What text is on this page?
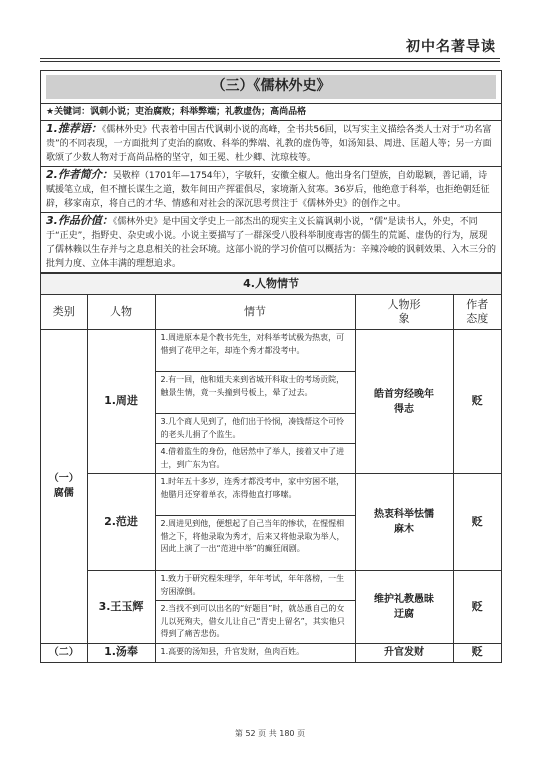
初中名著导读
（三）《儒林外史》
★关键词：讽刺小说；吏治腐败；科举弊端；礼教虚伪；高尚品格
1.推荐语：《儒林外史》代表着中国古代讽刺小说的高峰，全书共56回，以写实主义描绘各类人士对于“功名富贵”的不同表现，一方面批判了吏治的腐败、科举的弊端、礼教的虚伪等，如汤知县、周进、匡超人等；另一方面歌颂了少数人物对于高尚品格的坚守，如王冕、杜少卿、沈琼枝等。
2.作者简介：吴敬梓（1701年—1754年），字敏轩，安徽全椒人。他出身名门望族，自幼聪颖，善记诵，诗赋援笔立成，但不擅长谋生之道，数年间田产挥霍俱尽，家境渐入贫寒。36岁后，他绝意于科举，也拒绝朝廷征辟，移家南京，将自己的才华、情感和对社会的深沉思考贯注于《儒林外史》的创作之中。
3.作品价值：《儒林外史》是中国文学史上一部杰出的现实主义长篇讽刺小说，“儒”是读书人，外史，不同于“正史”，指野史、杂史或小说。小说主要描写了一群深受八股科举制度毒害的儒生的荒诞、虚伪的行为，展现了儒林赖以生存并与之息息相关的社会环境。这部小说的学习价值可以概括为：辛辣冷峻的讽刺效果、入木三分的批判力度、立体丰满的理想追求。
4.人物情节				
类别	人物	情节	人物形象	作者态度

（一）腐儒	1.周进	1.周进原本是个教书先生，对科举考试极为热衷，可惜到了花甲之年，却连个秀才都没考中。	皓首穷经晚年得志	贬
		2.有一回，他和姐夫来到省城开科取士的考场贡院，触景生情，竟一头撞到号板上，晕了过去。		
		3.几个商人见到了，他们出于怜悯，凑钱帮这个可怜的老头儿捐了个监生。		
		4.借着监生的身份，他居然中了举人，接着又中了进士，到广东为官。		
	2.范进	1.时年五十多岁，连秀才都没考中，家中穷困不堪，他腊月还穿着单衣，冻得他直打哆嗦。	热衷科举怯懦麻木	贬
		2.周进见到他，便想起了自己当年的惨状，在惺惺相惜之下，将他录取为秀才，后来又将他录取为举人，因此上演了一出“范进中举”的癫狂闹剧。		
	3.王玉辉	1.致力于研究程朱理学，年年考试，年年落榜，一生穷困潦倒。	维护礼教愚昧迂腐	贬
		2.当找不到可以出名的“好题目”时，就怂恿自己的女儿以死殉夫，借女儿让自己“青史上留名”，其实他只得到了痛苦悲伤。		
（二）	1.汤奉	1.高要的汤知县，升官发财，鱼肉百姓。	升官发财	贬
第 52 页 共 180 页
